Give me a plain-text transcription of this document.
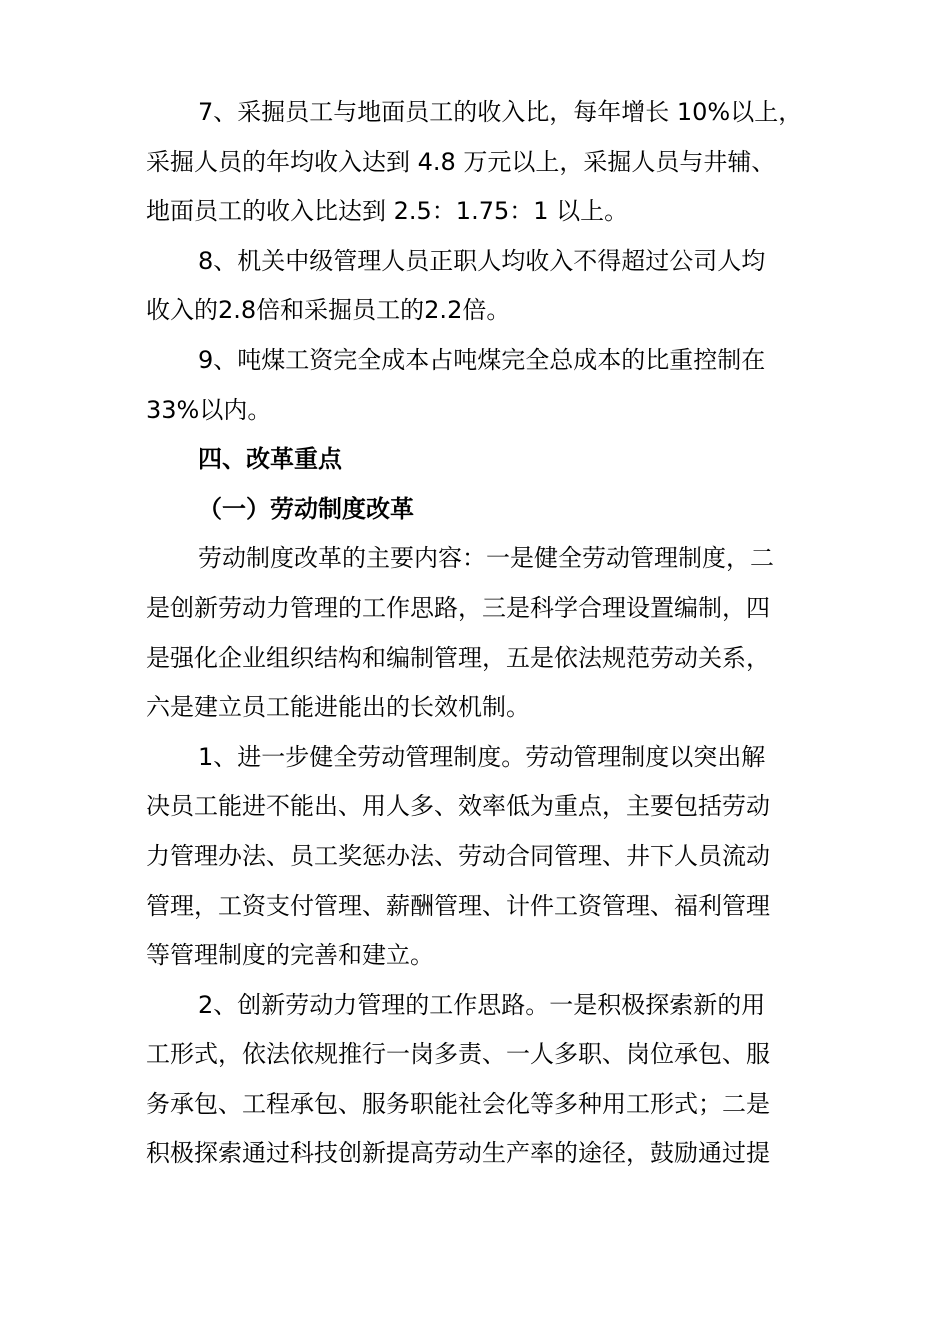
7、采掘员工与地面员工的收入比，每年增长 10%以上，
采掘人员的年均收入达到 4.8 万元以上，采掘人员与井辅、
地面员工的收入比达到 2.5：1.75：1 以上。
8、机关中级管理人员正职人均收入不得超过公司人均
收入的2.8倍和采掘员工的2.2倍。
9、吨煤工资完全成本占吨煤完全总成本的比重控制在
33%以内。
四、改革重点
（一）劳动制度改革
劳动制度改革的主要内容：一是健全劳动管理制度，二
是创新劳动力管理的工作思路，三是科学合理设置编制，四
是强化企业组织结构和编制管理，五是依法规范劳动关系，
六是建立员工能进能出的长效机制。
1、进一步健全劳动管理制度。劳动管理制度以突出解
决员工能进不能出、用人多、效率低为重点，主要包括劳动
力管理办法、员工奖惩办法、劳动合同管理、井下人员流动
管理，工资支付管理、薪酬管理、计件工资管理、福利管理
等管理制度的完善和建立。
2、创新劳动力管理的工作思路。一是积极探索新的用
工形式，依法依规推行一岗多责、一人多职、岗位承包、服
务承包、工程承包、服务职能社会化等多种用工形式；二是
积极探索通过科技创新提高劳动生产率的途径，鼓励通过提
